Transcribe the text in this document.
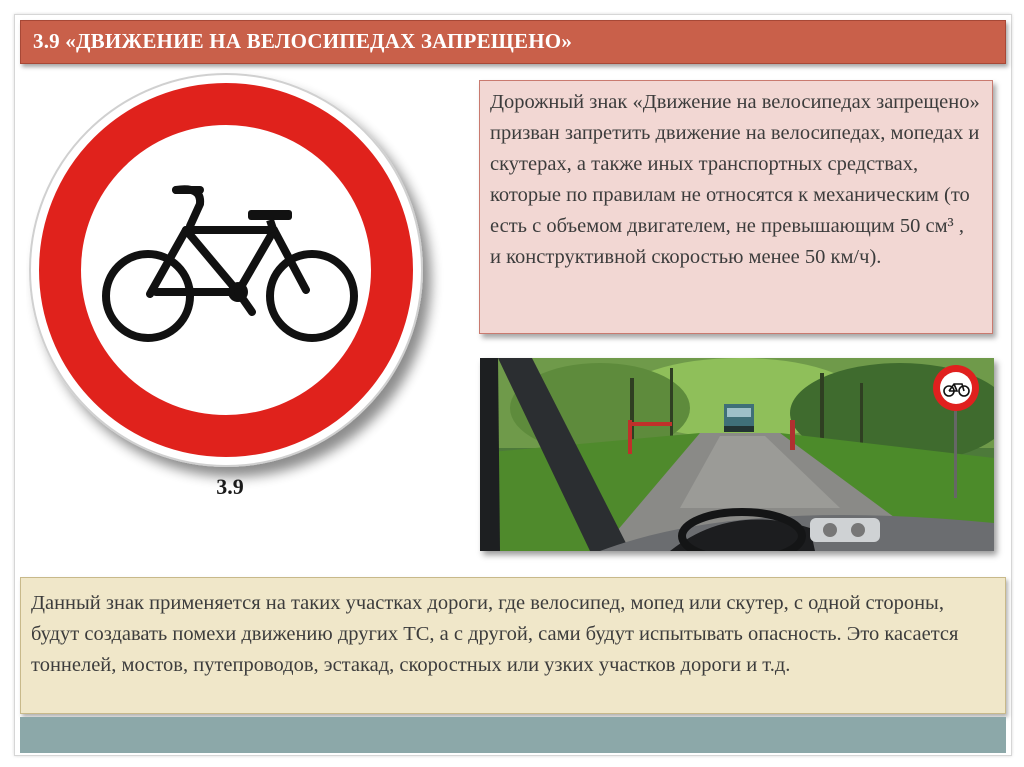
3.9 «ДВИЖЕНИЕ НА ВЕЛОСИПЕДАХ ЗАПРЕЩЕНО»
3.9
Дорожный знак «Движение на велосипедах запрещено» призван запретить движение на велосипедах, мопедах и скутерах, а также иных транспортных средствах, которые по правилам не относятся к механическим (то есть с объемом двигателем, не превышающим 50 см³ , и конструктивной скоростью менее 50 км/ч).
Данный знак применяется на таких участках дороги, где велосипед, мопед или скутер, с одной стороны, будут создавать помехи движению других ТС, а с другой, сами будут испытывать опасность. Это касается тоннелей, мостов, путепроводов, эстакад, скоростных или узких участков дороги и т.д.
